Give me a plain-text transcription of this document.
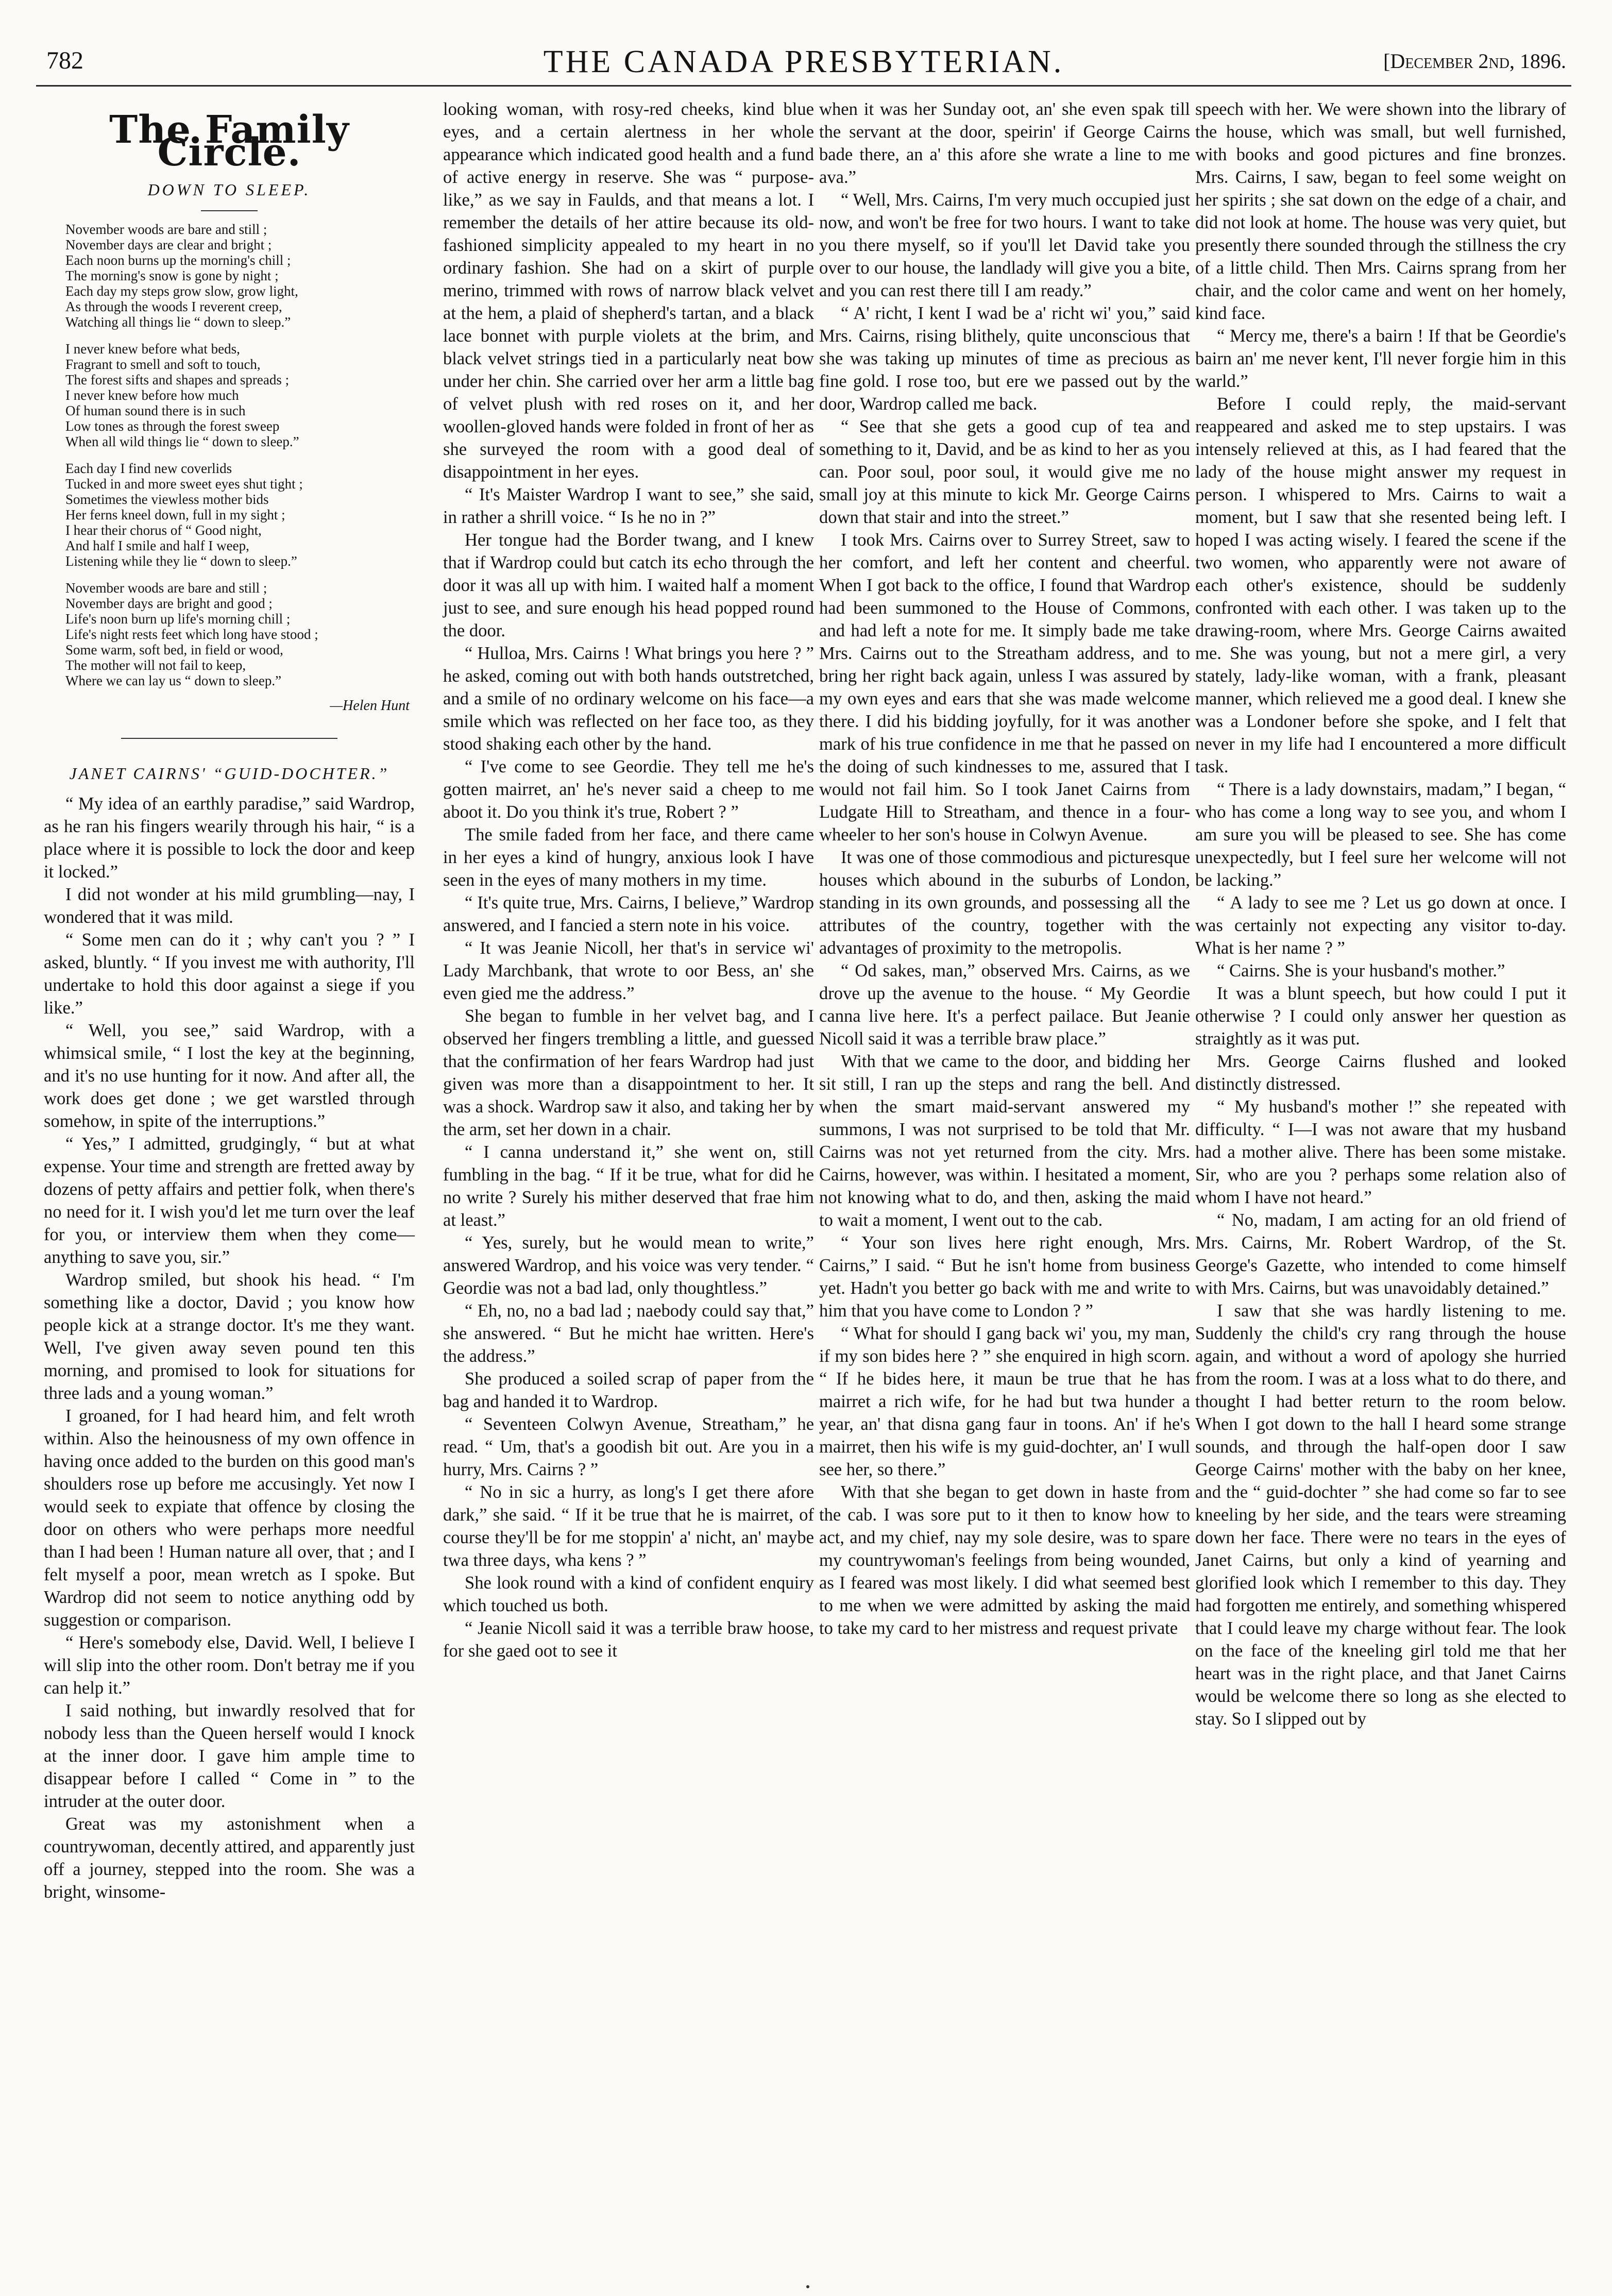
782	THE CANADA PRESBYTERIAN.	[December 2nd, 1896.
The Family Circle.
DOWN TO SLEEP.
November woods are bare and still ;
November days are clear and bright ;
Each noon burns up the morning's chill ;
The morning's snow is gone by night ;
Each day my steps grow slow, grow light,
As through the woods I reverent creep,
Watching all things lie “ down to sleep.”
I never knew before what beds,
Fragrant to smell and soft to touch,
The forest sifts and shapes and spreads ;
I never knew before how much
Of human sound there is in such
Low tones as through the forest sweep
When all wild things lie “ down to sleep.”
Each day I find new coverlids
Tucked in and more sweet eyes shut tight ;
Sometimes the viewless mother bids
Her ferns kneel down, full in my sight ;
I hear their chorus of “ Good night,
And half I smile and half I weep,
Listening while they lie “ down to sleep.”
November woods are bare and still ;
November days are bright and good ;
Life's noon burn up life's morning chill ;
Life's night rests feet which long have stood ;
Some warm, soft bed, in field or wood,
The mother will not fail to keep,
Where we can lay us “ down to sleep.”
—Helen Hunt
JANET CAIRNS' “GUID-DOCHTER.”

“ My idea of an earthly paradise,” said Wardrop, as he ran his fingers wearily through his hair, “ is a place where it is possible to lock the door and keep it locked.”

I did not wonder at his mild grumbling—nay, I wondered that it was mild.

“ Some men can do it ; why can't you ? ” I asked, bluntly. “ If you invest me with authority, I'll undertake to hold this door against a siege if you like.”

“ Well, you see,” said Wardrop, with a whimsical smile, “ I lost the key at the beginning, and it's no use hunting for it now. And after all, the work does get done ; we get warstled through somehow, in spite of the interruptions.”

“ Yes,” I admitted, grudgingly, “ but at what expense. Your time and strength are fretted away by dozens of petty affairs and pettier folk, when there's no need for it. I wish you'd let me turn over the leaf for you, or interview them when they come—anything to save you, sir.”

Wardrop smiled, but shook his head. “ I'm something like a doctor, David ; you know how people kick at a strange doctor. It's me they want. Well, I've given away seven pound ten this morning, and promised to look for situations for three lads and a young woman.”

I groaned, for I had heard him, and felt wroth within. Also the heinousness of my own offence in having once added to the burden on this good man's shoulders rose up before me accusingly. Yet now I would seek to expiate that offence by closing the door on others who were perhaps more needful than I had been ! Human nature all over, that ; and I felt myself a poor, mean wretch as I spoke. But Wardrop did not seem to notice anything odd by suggestion or comparison.

“ Here's somebody else, David. Well, I believe I will slip into the other room. Don't betray me if you can help it.”

I said nothing, but inwardly resolved that for nobody less than the Queen herself would I knock at the inner door. I gave him ample time to disappear before I called “ Come in ” to the intruder at the outer door.

Great was my astonishment when a countrywoman, decently attired, and apparently just off a journey, stepped into the room. She was a bright, winsome-

looking woman, with rosy-red cheeks, kind blue eyes, and a certain alertness in her whole appearance which indicated good health and a fund of active energy in reserve. She was “ purpose-like,” as we say in Faulds, and that means a lot. I remember the details of her attire because its old-fashioned simplicity appealed to my heart in no ordinary fashion. She had on a skirt of purple merino, trimmed with rows of narrow black velvet at the hem, a plaid of shepherd's tartan, and a black lace bonnet with purple violets at the brim, and black velvet strings tied in a particularly neat bow under her chin. She carried over her arm a little bag of velvet plush with red roses on it, and her woollen-gloved hands were folded in front of her as she surveyed the room with a good deal of disappointment in her eyes.

“ It's Maister Wardrop I want to see,” she said, in rather a shrill voice. “ Is he no in ?”

Her tongue had the Border twang, and I knew that if Wardrop could but catch its echo through the door it was all up with him. I waited half a moment just to see, and sure enough his head popped round the door.

“ Hulloa, Mrs. Cairns ! What brings you here ? ” he asked, coming out with both hands outstretched, and a smile of no ordinary welcome on his face—a smile which was reflected on her face too, as they stood shaking each other by the hand.

“ I've come to see Geordie. They tell me he's gotten mairret, an' he's never said a cheep to me aboot it. Do you think it's true, Robert ? ”

The smile faded from her face, and there came in her eyes a kind of hungry, anxious look I have seen in the eyes of many mothers in my time.

“ It's quite true, Mrs. Cairns, I believe,” Wardrop answered, and I fancied a stern note in his voice.

“ It was Jeanie Nicoll, her that's in service wi' Lady Marchbank, that wrote to oor Bess, an' she even gied me the address.”

She began to fumble in her velvet bag, and I observed her fingers trembling a little, and guessed that the confirmation of her fears Wardrop had just given was more than a disappointment to her. It was a shock. Wardrop saw it also, and taking her by the arm, set her down in a chair.

“ I canna understand it,” she went on, still fumbling in the bag. “ If it be true, what for did he no write ? Surely his mither deserved that frae him at least.”

“ Yes, surely, but he would mean to write,” answered Wardrop, and his voice was very tender. “ Geordie was not a bad lad, only thoughtless.”

“ Eh, no, no a bad lad ; naebody could say that,” she answered. “ But he micht hae written. Here's the address.”

She produced a soiled scrap of paper from the bag and handed it to Wardrop.

“ Seventeen Colwyn Avenue, Streatham,” he read. “ Um, that's a goodish bit out. Are you in a hurry, Mrs. Cairns ? ”

“ No in sic a hurry, as long's I get there afore dark,” she said. “ If it be true that he is mairret, of course they'll be for me stoppin' a' nicht, an' maybe twa three days, wha kens ? ”

She look round with a kind of confident enquiry which touched us both.

“ Jeanie Nicoll said it was a terrible braw hoose, for she gaed oot to see it

when it was her Sunday oot, an' she even spak till the servant at the door, speirin' if George Cairns bade there, an a' this afore she wrate a line to me ava.”

“ Well, Mrs. Cairns, I'm very much occupied just now, and won't be free for two hours. I want to take you there myself, so if you'll let David take you over to our house, the landlady will give you a bite, and you can rest there till I am ready.”

“ A' richt, I kent I wad be a' richt wi' you,” said Mrs. Cairns, rising blithely, quite unconscious that she was taking up minutes of time as precious as fine gold. I rose too, but ere we passed out by the door, Wardrop called me back.

“ See that she gets a good cup of tea and something to it, David, and be as kind to her as you can. Poor soul, poor soul, it would give me no small joy at this minute to kick Mr. George Cairns down that stair and into the street.”

I took Mrs. Cairns over to Surrey Street, saw to her comfort, and left her content and cheerful. When I got back to the office, I found that Wardrop had been summoned to the House of Commons, and had left a note for me. It simply bade me take Mrs. Cairns out to the Streatham address, and to bring her right back again, unless I was assured by my own eyes and ears that she was made welcome there. I did his bidding joyfully, for it was another mark of his true confidence in me that he passed on the doing of such kindnesses to me, assured that I would not fail him. So I took Janet Cairns from Ludgate Hill to Streatham, and thence in a four-wheeler to her son's house in Colwyn Avenue.

It was one of those commodious and picturesque houses which abound in the suburbs of London, standing in its own grounds, and possessing all the attributes of the country, together with the advantages of proximity to the metropolis.

“ Od sakes, man,” observed Mrs. Cairns, as we drove up the avenue to the house. “ My Geordie canna live here. It's a perfect pailace. But Jeanie Nicoll said it was a terrible braw place.”

With that we came to the door, and bidding her sit still, I ran up the steps and rang the bell. And when the smart maid-servant answered my summons, I was not surprised to be told that Mr. Cairns was not yet returned from the city. Mrs. Cairns, however, was within. I hesitated a moment, not knowing what to do, and then, asking the maid to wait a moment, I went out to the cab.

“ Your son lives here right enough, Mrs. Cairns,” I said. “ But he isn't home from business yet. Hadn't you better go back with me and write to him that you have come to London ? ”

“ What for should I gang back wi' you, my man, if my son bides here ? ” she enquired in high scorn. “ If he bides here, it maun be true that he has mairret a rich wife, for he had but twa hunder a year, an' that disna gang faur in toons. An' if he's mairret, then his wife is my guid-dochter, an' I wull see her, so there.”

With that she began to get down in haste from the cab. I was sore put to it then to know how to act, and my chief, nay my sole desire, was to spare my countrywoman's feelings from being wounded, as I feared was most likely. I did what seemed best to me when we were admitted by asking the maid to take my card to her mistress and request private

speech with her. We were shown into the library of the house, which was small, but well furnished, with books and good pictures and fine bronzes. Mrs. Cairns, I saw, began to feel some weight on her spirits ; she sat down on the edge of a chair, and did not look at home. The house was very quiet, but presently there sounded through the stillness the cry of a little child. Then Mrs. Cairns sprang from her chair, and the color came and went on her homely, kind face.

“ Mercy me, there's a bairn ! If that be Geordie's bairn an' me never kent, I'll never forgie him in this warld.”

Before I could reply, the maid-servant reappeared and asked me to step upstairs. I was intensely relieved at this, as I had feared that the lady of the house might answer my request in person. I whispered to Mrs. Cairns to wait a moment, but I saw that she resented being left. I hoped I was acting wisely. I feared the scene if the two women, who apparently were not aware of each other's existence, should be suddenly confronted with each other. I was taken up to the drawing-room, where Mrs. George Cairns awaited me. She was young, but not a mere girl, a very stately, lady-like woman, with a frank, pleasant manner, which relieved me a good deal. I knew she was a Londoner before she spoke, and I felt that never in my life had I encountered a more difficult task.

“ There is a lady downstairs, madam,” I began, “ who has come a long way to see you, and whom I am sure you will be pleased to see. She has come unexpectedly, but I feel sure her welcome will not be lacking.”

“ A lady to see me ? Let us go down at once. I was certainly not expecting any visitor to-day. What is her name ? ”

“ Cairns. She is your husband's mother.”

It was a blunt speech, but how could I put it otherwise ? I could only answer her question as straightly as it was put.

Mrs. George Cairns flushed and looked distinctly distressed.

“ My husband's mother !” she repeated with difficulty. “ I—I was not aware that my husband had a mother alive. There has been some mistake. Sir, who are you ? perhaps some relation also of whom I have not heard.”

“ No, madam, I am acting for an old friend of Mrs. Cairns, Mr. Robert Wardrop, of the St. George's Gazette, who intended to come himself with Mrs. Cairns, but was unavoidably detained.”

I saw that she was hardly listening to me. Suddenly the child's cry rang through the house again, and without a word of apology she hurried from the room. I was at a loss what to do there, and thought I had better return to the room below. When I got down to the hall I heard some strange sounds, and through the half-open door I saw George Cairns' mother with the baby on her knee, and the “ guid-dochter ” she had come so far to see kneeling by her side, and the tears were streaming down her face. There were no tears in the eyes of Janet Cairns, but only a kind of yearning and glorified look which I remember to this day. They had forgotten me entirely, and something whispered that I could leave my charge without fear. The look on the face of the kneeling girl told me that her heart was in the right place, and that Janet Cairns would be welcome there so long as she elected to stay. So I slipped out by
